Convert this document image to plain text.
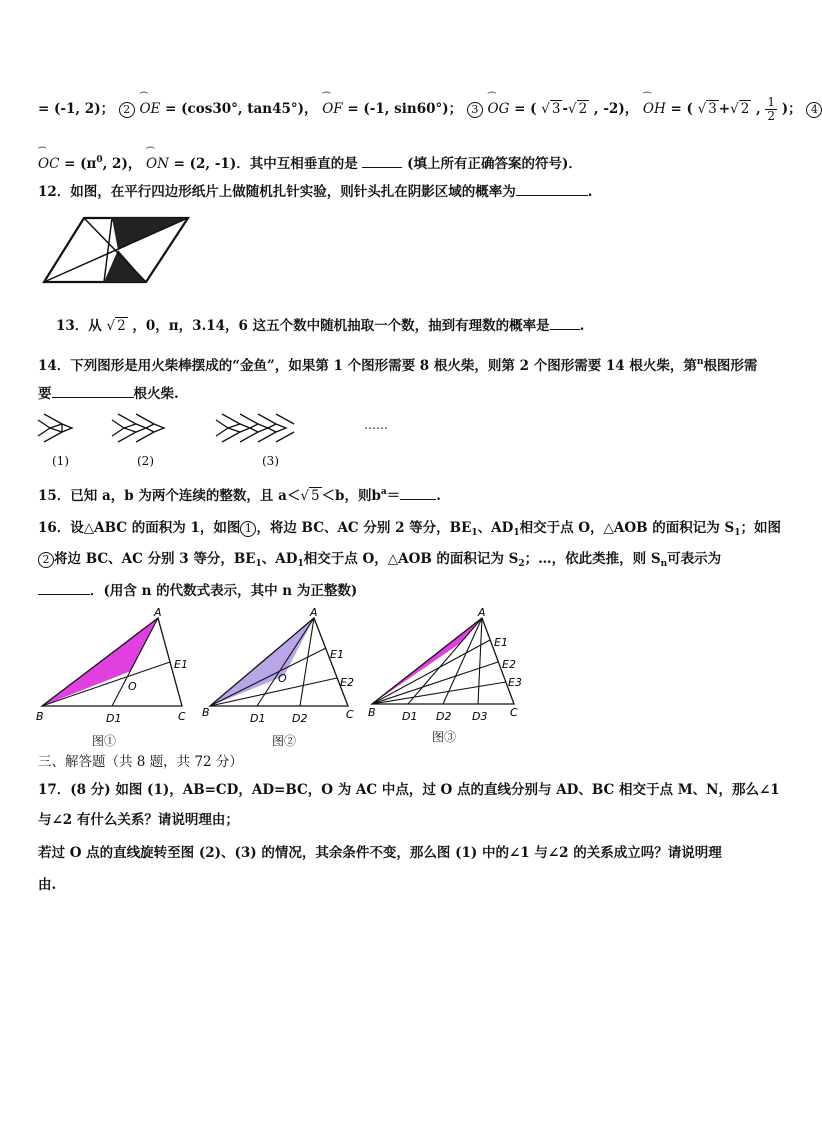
= (-1, 2)； 2 ⏜ OE = (cos30°, tan45°)， ⏜ OF = (-1, sin60°)； 3 ⏜ OG = ( √ 3 -√ 2 , -2)， ⏜ OH = ( √ 3 +√ 2 , $\frac{1}{2}$ )； 4
⏜ OC = ($\pi^0$, 2)， ⏜ ON = (2, -1)．其中互相垂直的是	(填上所有正确答案的符号)．
12．如图，在平行四边形纸片上做随机扎针实验，则针头扎在阴影区域的概率为	.
13．从 √ 2 ，0，π，3.14，6 这五个数中随机抽取一个数，抽到有理数的概率是 .
14．下列图形是用火柴棒摆成的“金鱼”，如果第 1 个图形需要 8 根火柴，则第 2 个图形需要 14 根火柴，第$^n$根图形需
要	根火柴.
(1)	(2)	(3)
……
15．已知 a，b 为两个连续的整数，且 a＜√ 5 ＜b，则$b^a=$	.
16．设△ABC 的面积为 1，如图 1 ，将边 BC、AC 分别 2 等分，$BE_1$、$AD_1$相交于点 O，△AOB 的面积记为 $S_1$；如图
2 将边 BC、AC 分别 3 等分，$BE_1$、$AD_1$相交于点 O，△AOB 的面积记为 $S_2$；…，依此类推，则 $S_n$可表示为
．(用含 n 的代数式表示，其中 n 为正整数)
A
B	C
O
E1
D1
A
B	C
O
E1
E2
D1 D2
A
B	C
E1
E2
E3
D1 D2 D3
图①	图②	图③
三、解答题（共 8 题，共 72 分）
17．(8 分) 如图 (1)，AB=CD，AD=BC，O 为 AC 中点，过 O 点的直线分别与 AD、BC 相交于点 M、N，那么∠1
与∠2 有什么关系？请说明理由；
若过 O 点的直线旋转至图 (2)、(3) 的情况，其余条件不变，那么图 (1) 中的∠1 与∠2 的关系成立吗？请说明理
由.
